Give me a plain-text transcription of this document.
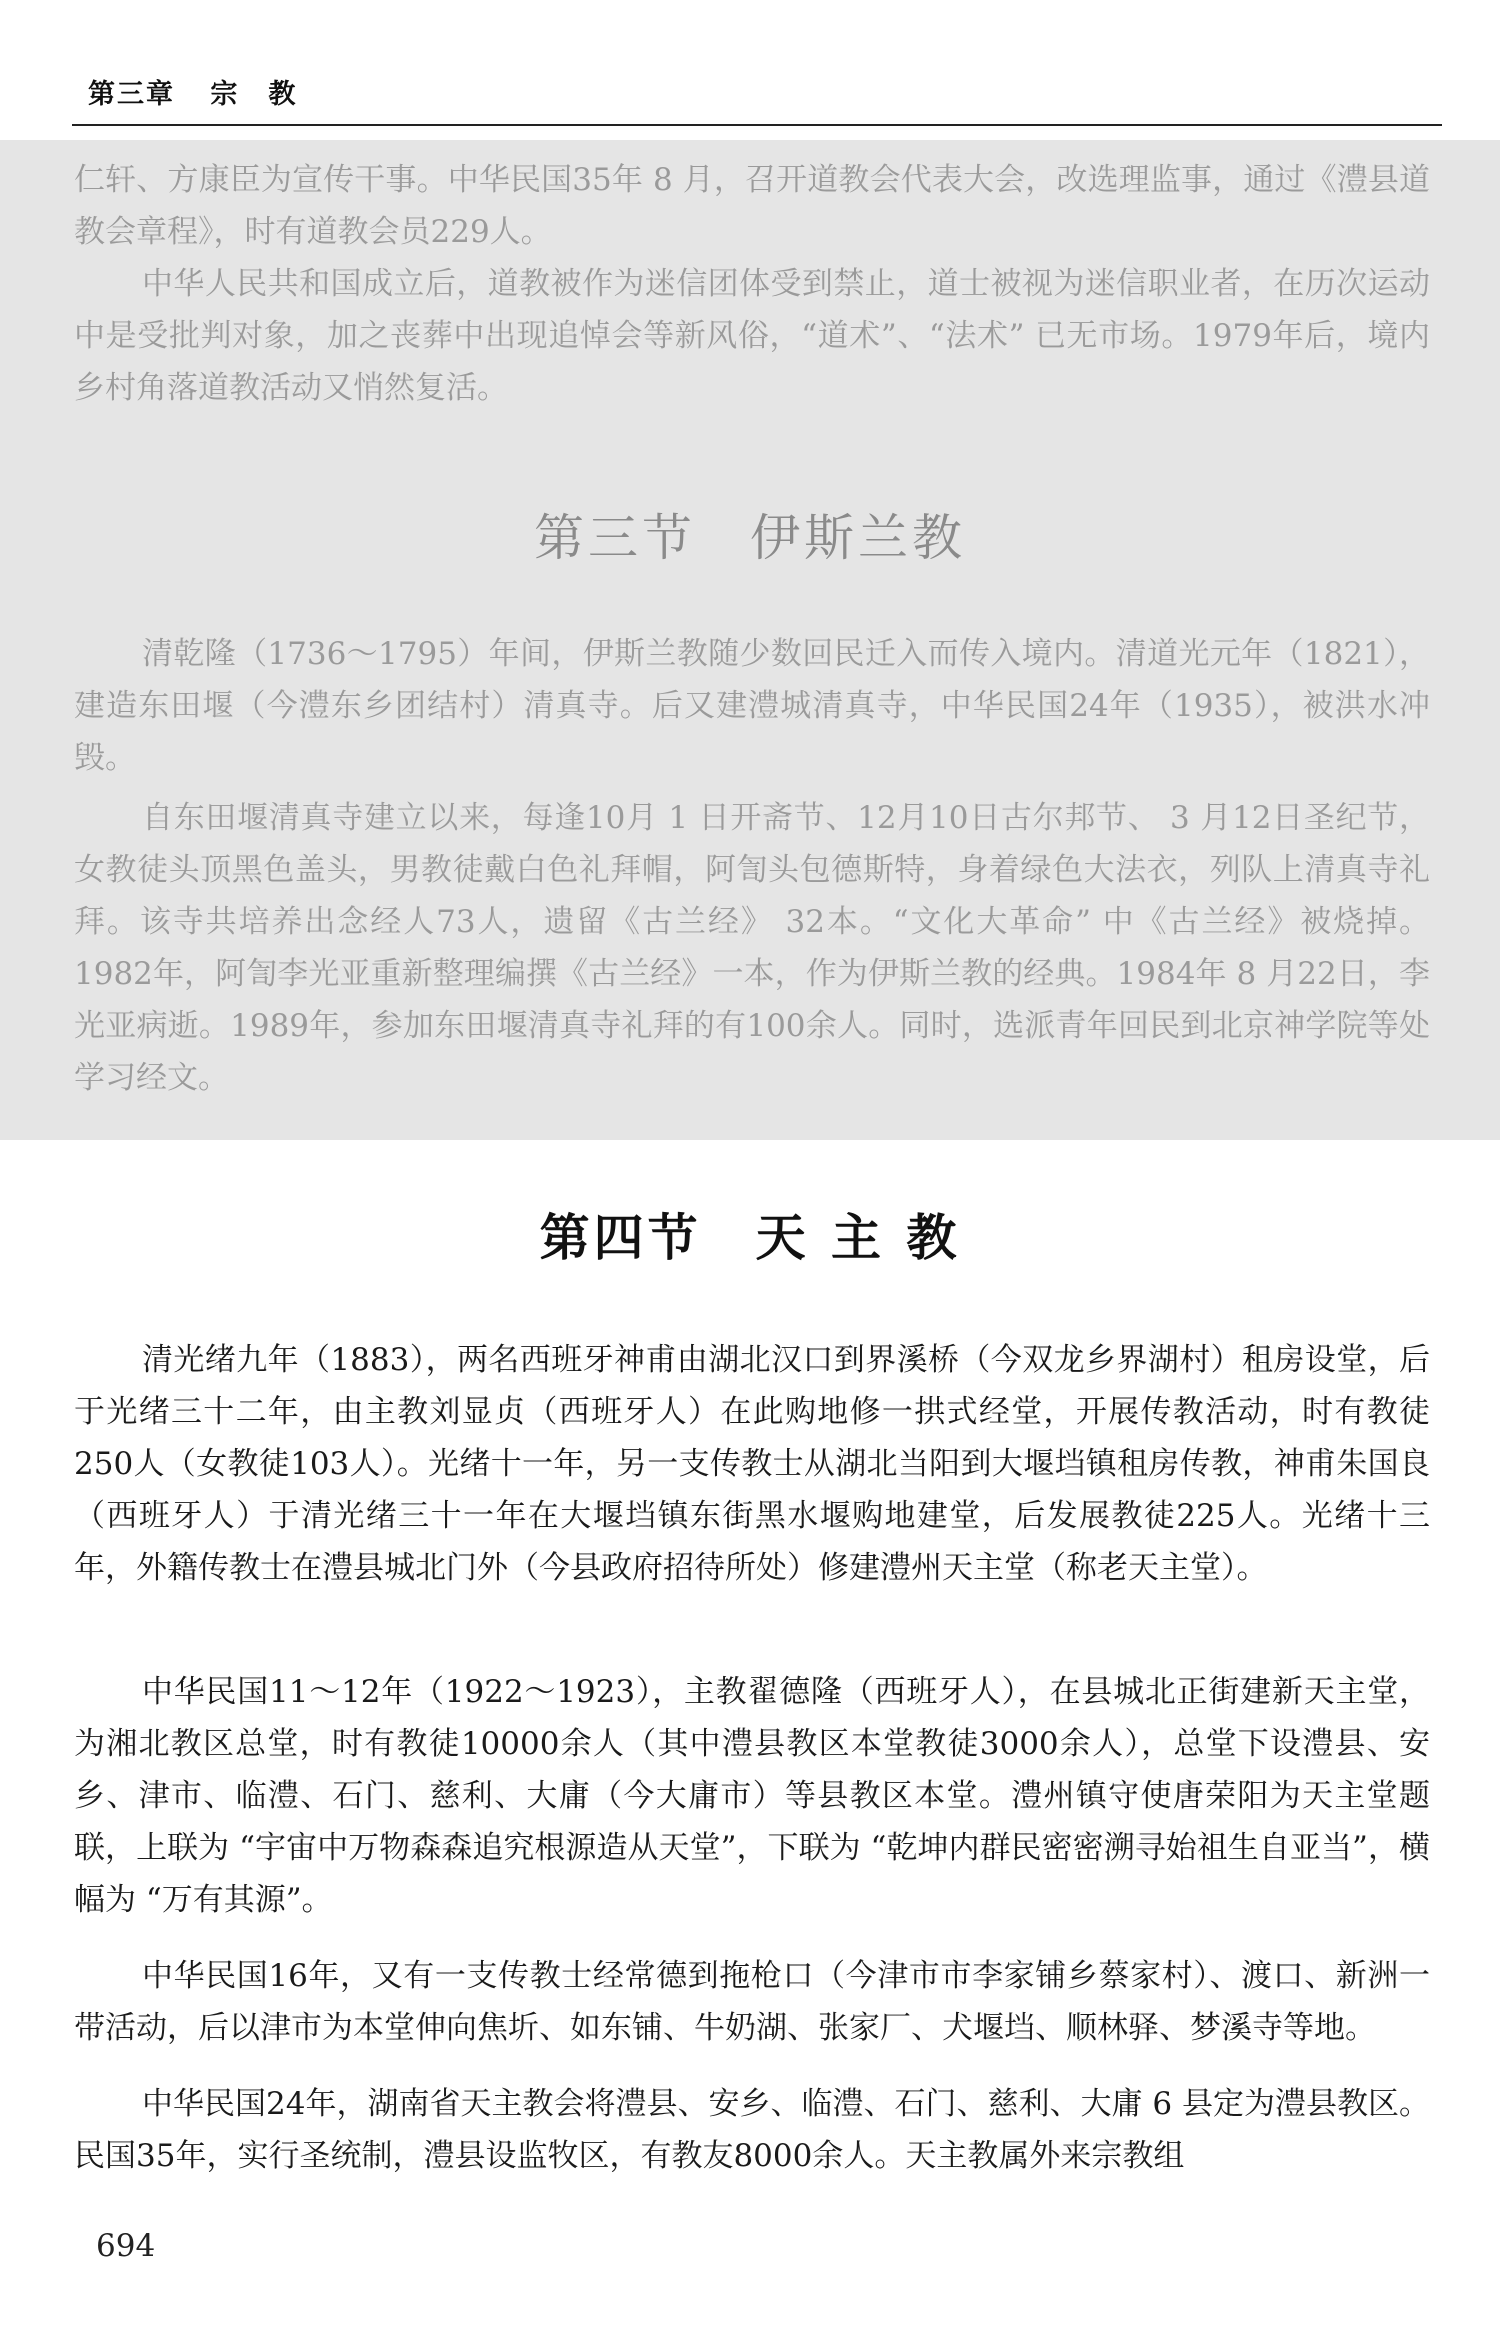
第三章 宗　教

仁轩、方康臣为宣传干事。中华民国35年 8 月，召开道教会代表大会，改选理监事，通过《澧县道教会章程》，时有道教会员229人。

中华人民共和国成立后，道教被作为迷信团体受到禁止，道士被视为迷信职业者，在历次运动中是受批判对象，加之丧葬中出现追悼会等新风俗，“道术”、“法术” 已无市场。1979年后，境内乡村角落道教活动又悄然复活。

第三节　伊斯兰教

清乾隆（1736～1795）年间，伊斯兰教随少数回民迁入而传入境内。清道光元年（1821），建造东田堰（今澧东乡团结村）清真寺。后又建澧城清真寺，中华民国24年（1935），被洪水冲毁。

自东田堰清真寺建立以来，每逢10月 1 日开斋节、12月10日古尔邦节、 3 月12日圣纪节，女教徒头顶黑色盖头，男教徒戴白色礼拜帽，阿訇头包德斯特，身着绿色大法衣，列队上清真寺礼拜。该寺共培养出念经人73人，遗留《古兰经》 32本。“文化大革命” 中《古兰经》被烧掉。1982年，阿訇李光亚重新整理编撰《古兰经》一本，作为伊斯兰教的经典。1984年 8 月22日，李光亚病逝。1989年，参加东田堰清真寺礼拜的有100余人。同时，选派青年回民到北京神学院等处学习经文。

第四节　天 主 教

清光绪九年（1883），两名西班牙神甫由湖北汉口到界溪桥（今双龙乡界湖村）租房设堂，后于光绪三十二年，由主教刘显贞（西班牙人）在此购地修一拱式经堂，开展传教活动，时有教徒250人（女教徒103人）。光绪十一年，另一支传教士从湖北当阳到大堰垱镇租房传教，神甫朱国良（西班牙人）于清光绪三十一年在大堰垱镇东街黑水堰购地建堂，后发展教徒225人。光绪十三年，外籍传教士在澧县城北门外（今县政府招待所处）修建澧州天主堂（称老天主堂）。

中华民国11～12年（1922～1923），主教翟德隆（西班牙人），在县城北正街建新天主堂，为湘北教区总堂，时有教徒10000余人（其中澧县教区本堂教徒3000余人），总堂下设澧县、安乡、津市、临澧、石门、慈利、大庸（今大庸市）等县教区本堂。澧州镇守使唐荣阳为天主堂题联，上联为 “宇宙中万物森森追究根源造从天堂”，下联为 “乾坤内群民密密溯寻始祖生自亚当”，横幅为 “万有其源”。

中华民国16年，又有一支传教士经常德到拖枪口（今津市市李家铺乡蔡家村）、渡口、新洲一带活动，后以津市为本堂伸向焦圻、如东铺、牛奶湖、张家厂、犬堰垱、顺林驿、梦溪寺等地。

中华民国24年，湖南省天主教会将澧县、安乡、临澧、石门、慈利、大庸 6 县定为澧县教区。民国35年，实行圣统制，澧县设监牧区，有教友8000余人。天主教属外来宗教组

694
